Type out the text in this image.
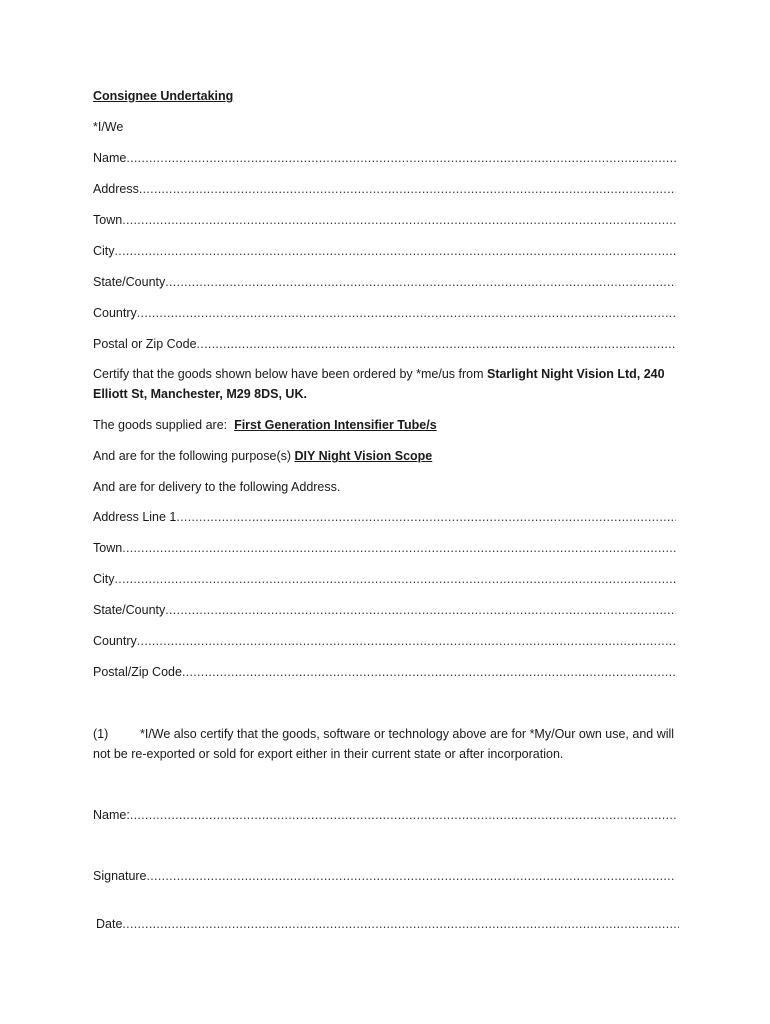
Consignee Undertaking
*I/We
Name
.....
Address
.....
Town
.....
City
.....
State/County
.....
Country
.....
Postal or Zip Code
.....
Certify that the goods shown below have been ordered by *me/us from Starlight Night Vision Ltd, 240 Elliott St, Manchester, M29 8DS, UK.
The goods supplied are: First Generation Intensifier Tube/s
And are for the following purpose(s) DIY Night Vision Scope
And are for delivery to the following Address.
Address Line 1
.....
Town
.....
City
.....
State/County
.....
Country
.....
Postal/Zip Code
.....
(1)	*I/We also certify that the goods, software or technology above are for *My/Our own use, and will not be re-exported or sold for export either in their current state or after incorporation.
Name:
.....
Signature
.....
Date
.....
